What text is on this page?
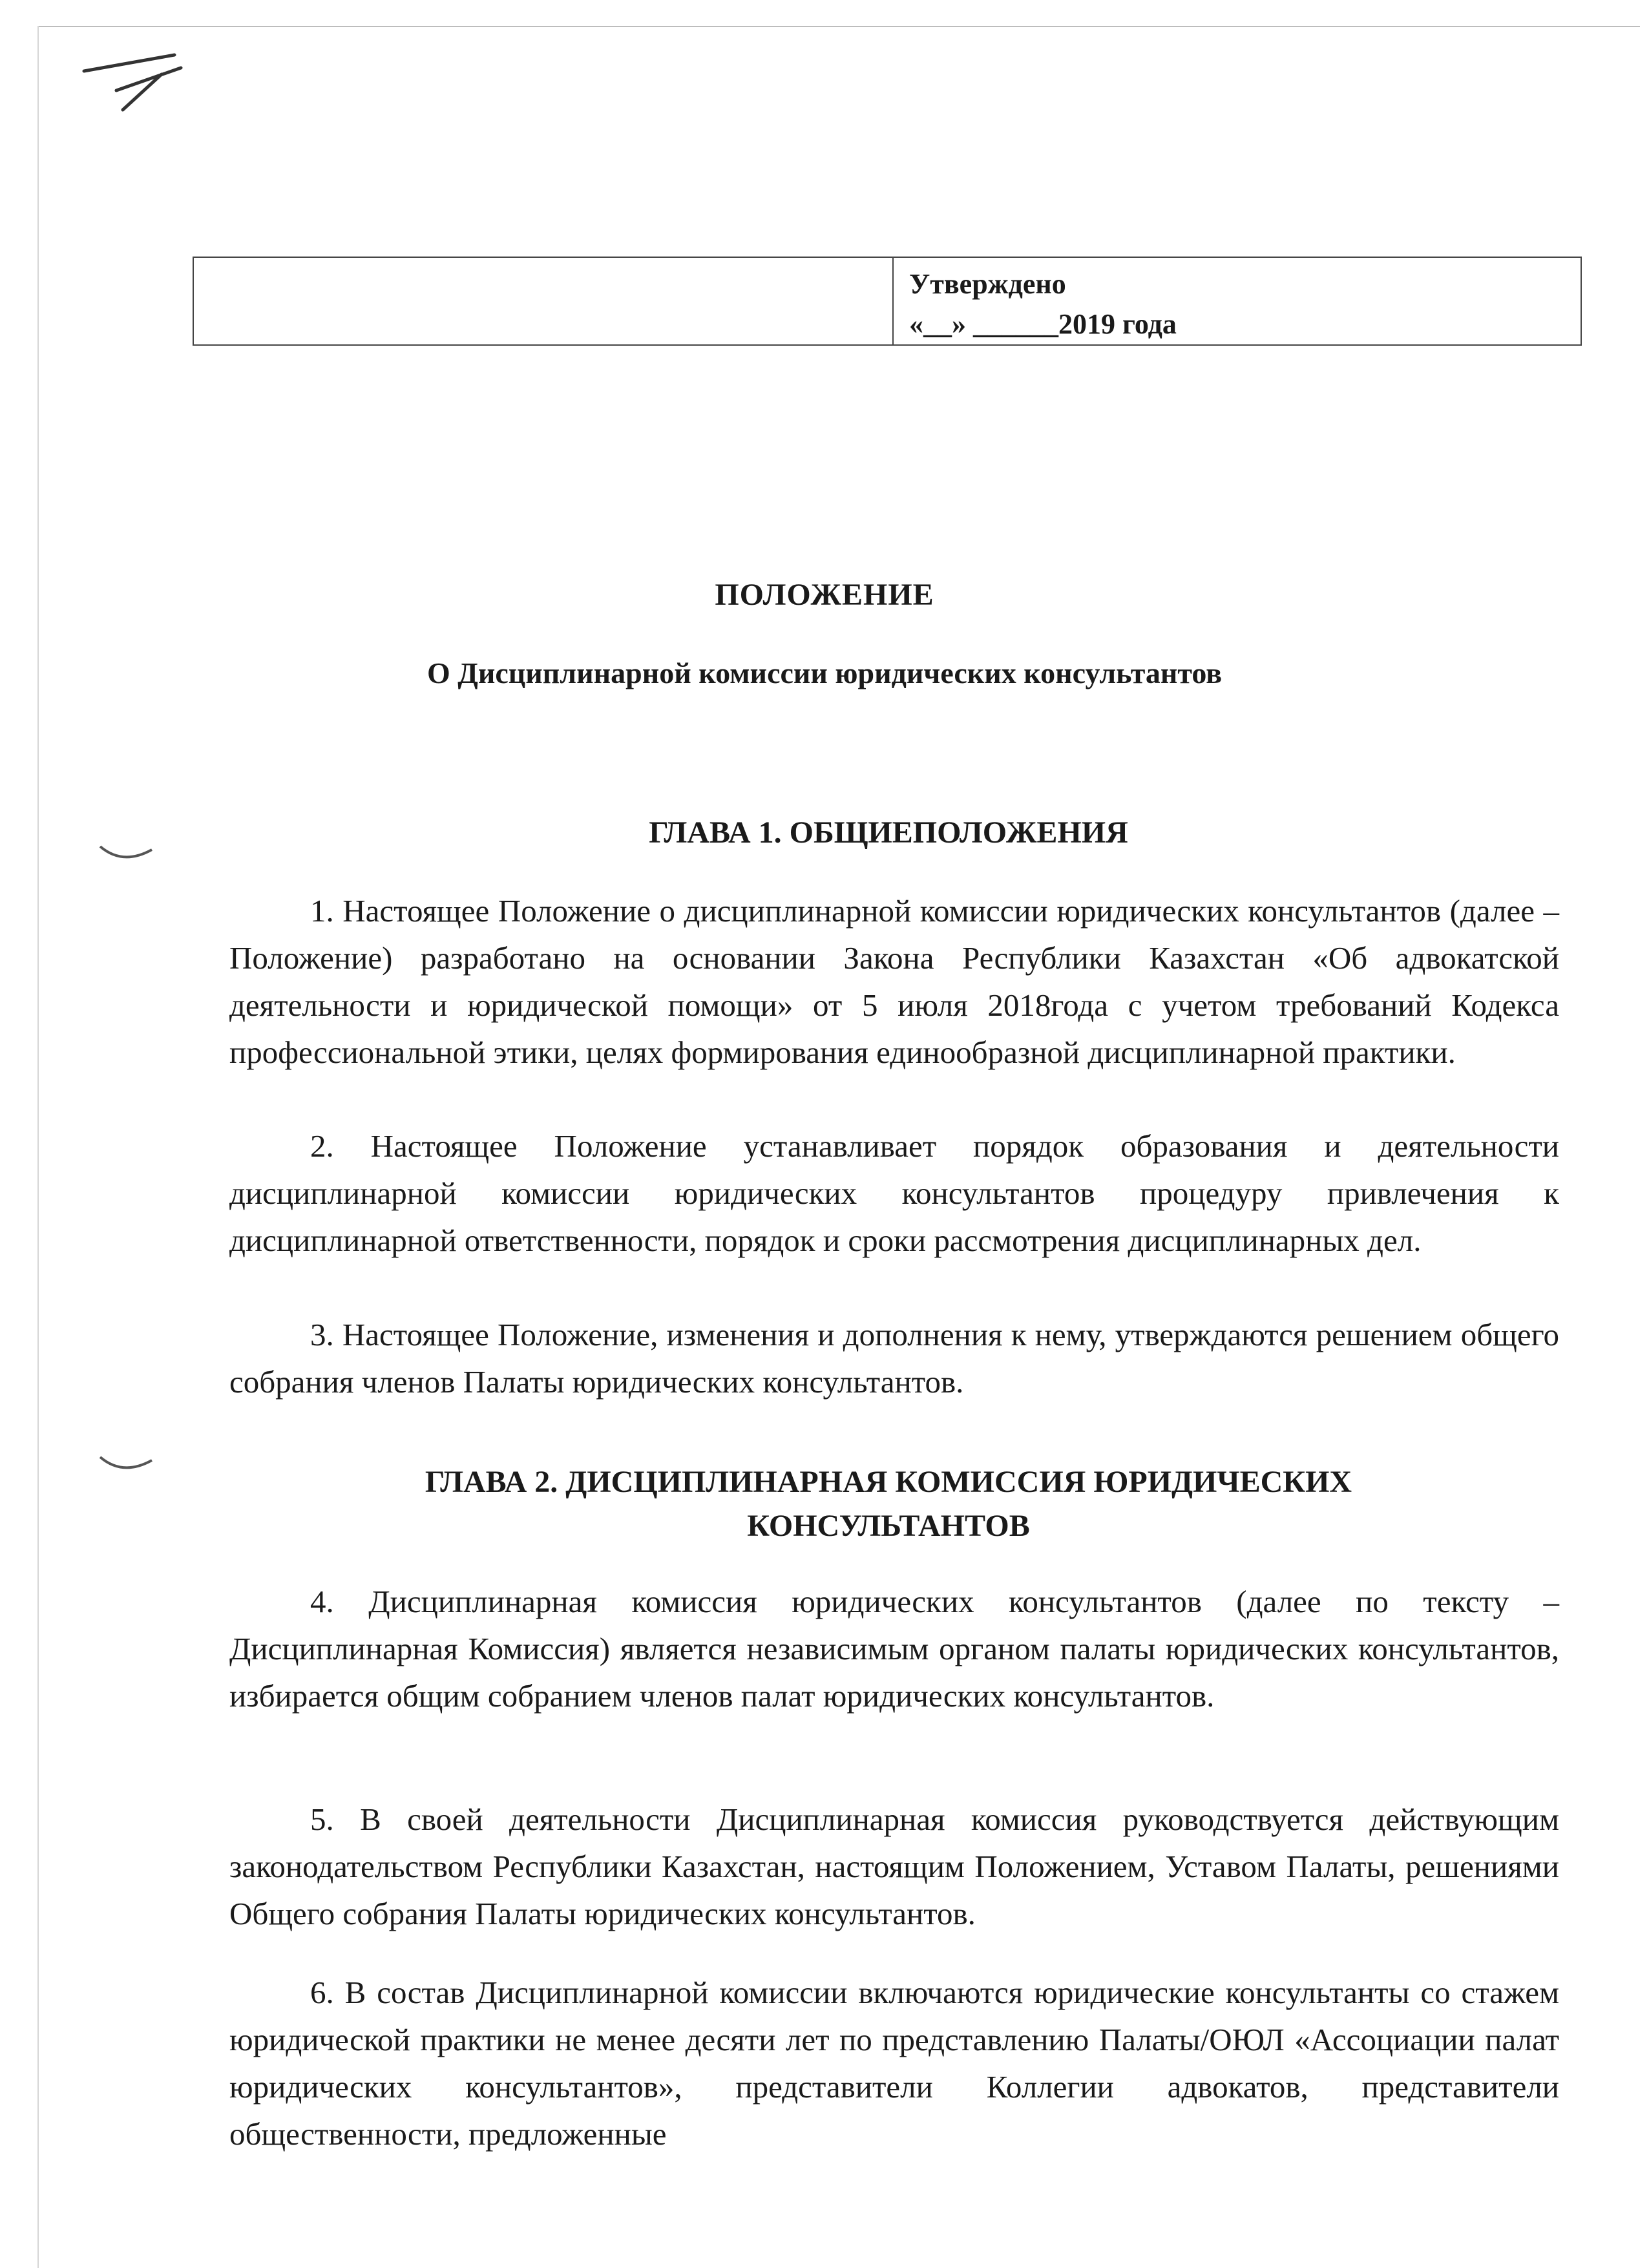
Утверждено
«__» ______2019 года
ПОЛОЖЕНИЕ
О Дисциплинарной комиссии юридических консультантов
ГЛАВА 1. ОБЩИЕПОЛОЖЕНИЯ

1. Настоящее Положение о дисциплинарной комиссии юридических консультантов (далее – Положение) разработано на основании Закона Республики Казахстан «Об адвокатской деятельности и юридической помощи» от 5 июля 2018года с учетом требований Кодекса профессиональной этики, целях формирования единообразной дисциплинарной практики.

2. Настоящее Положение устанавливает порядок образования и деятельности дисциплинарной комиссии юридических консультантов процедуру привлечения к дисциплинарной ответственности, порядок и сроки рассмотрения дисциплинарных дел.

3. Настоящее Положение, изменения и дополнения к нему, утверждаются решением общего собрания членов Палаты юридических консультантов.

ГЛАВА 2. ДИСЦИПЛИНАРНАЯ КОМИССИЯ ЮРИДИЧЕСКИХ
КОНСУЛЬТАНТОВ

4. Дисциплинарная комиссия юридических консультантов (далее по тексту – Дисциплинарная Комиссия) является независимым органом палаты юридических консультантов, избирается общим собранием членов палат юридических консультантов.

5. В своей деятельности Дисциплинарная комиссия руководствуется действующим законодательством Республики Казахстан, настоящим Положением, Уставом Палаты, решениями Общего собрания Палаты юридических консультантов.

6. В состав Дисциплинарной комиссии включаются юридические консультанты со стажем юридической практики не менее десяти лет по представлению Палаты/ОЮЛ «Ассоциации палат юридических консультантов», представители Коллегии адвокатов, представители общественности, предложенные
